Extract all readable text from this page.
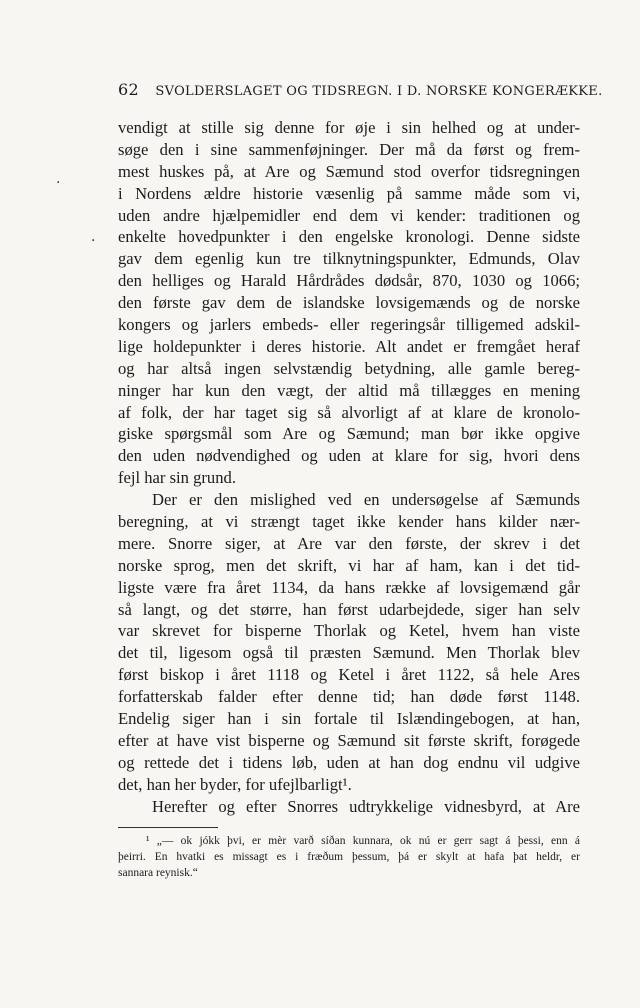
62 SVOLDERSLAGET OG TIDSREGN. I D. NORSKE KONGERÆKKE.
vendigt at stille sig denne for øje i sin helhed og at under-
søge den i sine sammenføjninger. Der må da først og frem-
mest huskes på, at Are og Sæmund stod overfor tidsregningen
i Nordens ældre historie væsenlig på samme måde som vi,
uden andre hjælpemidler end dem vi kender: traditionen og
enkelte hovedpunkter i den engelske kronologi. Denne sidste
gav dem egenlig kun tre tilknytningspunkter, Edmunds, Olav
den helliges og Harald Hårdrådes dødsår, 870, 1030 og 1066;
den første gav dem de islandske lovsigemænds og de norske
kongers og jarlers embeds- eller regeringsår tilligemed adskil-
lige holdepunkter i deres historie. Alt andet er fremgået heraf
og har altså ingen selvstændig betydning, alle gamle bereg-
ninger har kun den vægt, der altid må tillægges en mening
af folk, der har taget sig så alvorligt af at klare de kronolo-
giske spørgsmål som Are og Sæmund; man bør ikke opgive
den uden nødvendighed og uden at klare for sig, hvori dens
fejl har sin grund.
Der er den mislighed ved en undersøgelse af Sæmunds
beregning, at vi strængt taget ikke kender hans kilder nær-
mere. Snorre siger, at Are var den første, der skrev i det
norske sprog, men det skrift, vi har af ham, kan i det tid-
ligste være fra året 1134, da hans række af lovsigemænd går
så langt, og det større, han først udarbejdede, siger han selv
var skrevet for bisperne Thorlak og Ketel, hvem han viste
det til, ligesom også til præsten Sæmund. Men Thorlak blev
først biskop i året 1118 og Ketel i året 1122, så hele Ares
forfatterskab falder efter denne tid; han døde først 1148.
Endelig siger han i sin fortale til Islændingebogen, at han,
efter at have vist bisperne og Sæmund sit første skrift, forøgede
og rettede det i tidens løb, uden at han dog endnu vil udgive
det, han her byder, for ufejlbarligt¹.
Herefter og efter Snorres udtrykkelige vidnesbyrd, at Are
¹ „— ok jókk þvi, er mèr varð síðan kunnara, ok nú er gerr sagt á þessi, enn á
þeirri. En hvatki es missagt es i fræðum þessum, þá er skylt at hafa þat heldr, er
sannara reynisk.“
·
·
